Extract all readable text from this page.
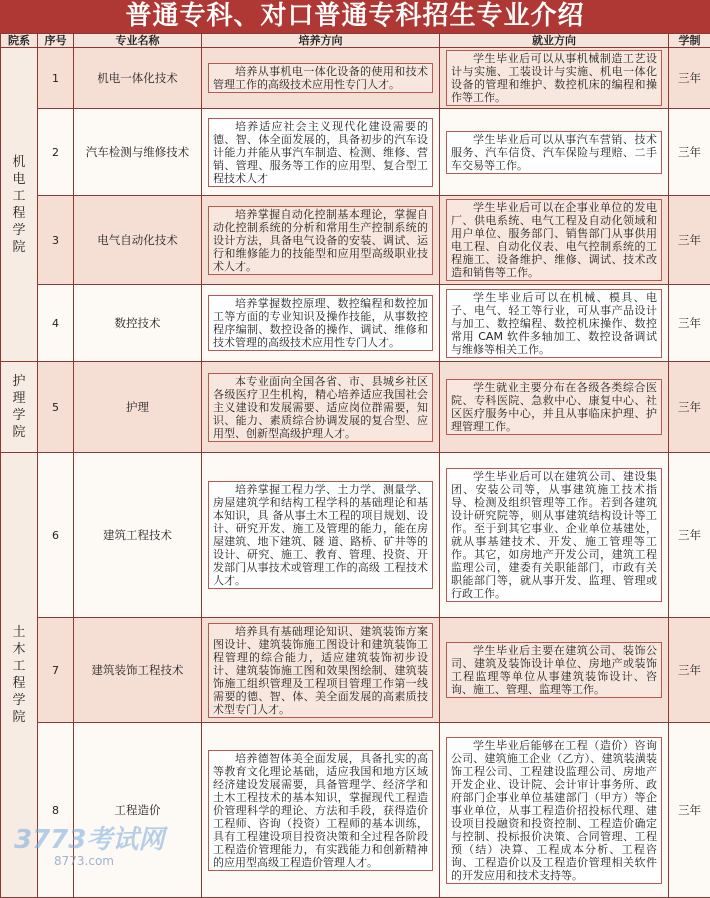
普通专科、对口普通专科招生专业介绍
院系	序号	专业名称	培养方向	就业方向	学制
机电工程学院	1	机电一体化技术	培养从事机电一体化设备的使用和技术管理工作的高级技术应用性专门人才。	学生毕业后可以从事机械制造工艺设计与实施、工装设计与实施、机电一体化设备的管理和维护、数控机床的编程和操作等工作。	三年
	2	汽车检测与维修技术	培养适应社会主义现代化建设需要的德、智、体全面发展的，具备初步的汽车设计能力并能从事汽车制造、检测、维修、营销、管理、服务等工作的应用型、复合型工程技术人才	学生毕业后可以从事汽车营销、技术服务、汽车信贷、汽车保险与理赔、二手车交易等工作。	三年
	3	电气自动化技术	培养掌握自动化控制基本理论，掌握自动化控制系统的分析和常用生产控制系统的设计方法，具备电气设备的安装、调试、运行和维修能力的技能型和应用型高级职业技术人才。	学生毕业后可以在企事业单位的发电厂、供电系统、电气工程及自动化领域和用户单位、服务部门、销售部门从事供用电工程、自动化仪表、电气控制系统的工程施工、设备维护、维修、调试、技术改造和销售等工作。	三年
	4	数控技术	培养掌握数控原理、数控编程和数控加工等方面的专业知识及操作技能，从事数控程序编制、数控设备的操作、调试、维修和技术管理的高级技术应用性专门人才。	学生毕业后可以在机械、模具、电子、电气、轻工等行业，可从事产品设计与加工、数控编程、数控机床操作、数控常用 CAM 软件多轴加工、数控设备调试与维修等相关工作。	三年
护理学院	5	护理	本专业面向全国各省、市、县城乡社区各级医疗卫生机构，精心培养适应我国社会主义建设和发展需要、适应岗位群需要，知识、能力、素质综合协调发展的复合型、应用型、创新型高级护理人才。	学生就业主要分布在各级各类综合医院、专科医院、急救中心、康复中心、社区医疗服务中心，并且从事临床护理、护理管理工作。	三年
土木工程学院	6	建筑工程技术	培养掌握工程力学、土力学、测量学、房屋建筑学和结构工程学科的基础理论和基本知识，具 备从事土木工程的项目规划、设计、研究开发、施工及管理的能力，能在房屋建筑、地下建筑、隧 道、路桥、矿井等的设计、研究、施工、教育、管理、投资、开发部门从事技术或管理工作的高级 工程技术人才。	学生毕业后可以在建筑公司、建设集团、安装公司等，从事建筑施工技术指导、检测及组织管理等工作。若到各建筑设计研究院等，则从事建筑结构设计等工作。至于到其它事业、企业单位基建处，就从事基建技术、开发、施工管理等工作。其它，如房地产开发公司，建筑工程监理公司，建委有关职能部门，市政有关职能部门等，就从事开发、监理、管理或行政工作。	三年
	7	建筑装饰工程技术	培养具有基础理论知识、建筑装饰方案图设计、建筑装饰施工图设计和建筑装饰工程管理的综合能力，适应建筑装饰初步设计、建筑装饰施工图和效果图绘制、建筑装饰施工组织管理及工程项目管理工作第一线需要的德、智、体、美全面发展的高素质技术型专门人才。	学生毕业后主要在建筑公司、装饰公司、建筑及装饰设计单位、房地产或装饰工程监理等单位从事建筑装饰设计、咨询、施工、管理、监理等工作。	三年
	8	工程造价	培养德智体美全面发展，具备扎实的高等教育文化理论基础，适应我国和地方区域经济建设发展需要，具备管理学、经济学和土木工程技术的基本知识，掌握现代工程造价管理科学的理论、方法和手段，获得造价工程师、咨询（投资）工程师的基本训练，具有工程建设项目投资决策和全过程各阶段工程造价管理能力，有实践能力和创新精神的应用型高级工程造价管理人才。	学生毕业后能够在工程（造价）咨询公司、建筑施工企业（乙方）、建筑装潢装饰工程公司、工程建设监理公司、房地产开发企业、设计院、会计审计事务所、政府部门企事业单位基建部门（甲方）等企事业单位，从事工程造价招投标代理、建设项目投融资和投资控制、工程造价确定与控制、投标报价决策、合同管理、工程预（结）决算、工程成本分析、工程咨询、工程造价以及工程造价管理相关软件的开发应用和技术支持等。	三年
3773考试网
8773.com
